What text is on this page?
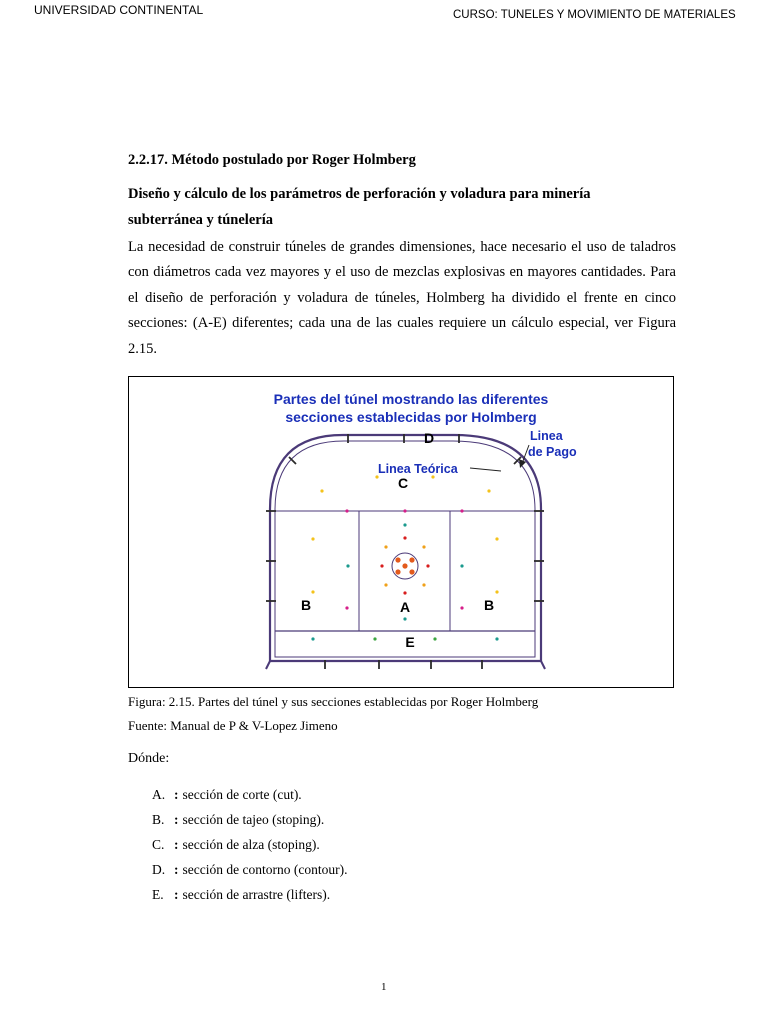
UNIVERSIDAD CONTINENTAL	CURSO: TUNELES Y MOVIMIENTO DE MATERIALES
2.2.17. Método postulado por Roger Holmberg

Diseño y cálculo de los parámetros de perforación y voladura para minería
subterránea y túnelería

La necesidad de construir túneles de grandes dimensiones, hace necesario el uso de taladros con diámetros cada vez mayores y el uso de mezclas explosivas en mayores cantidades. Para el diseño de perforación y voladura de túneles, Holmberg ha dividido el frente en cinco secciones: (A-E) diferentes; cada una de las cuales requiere un cálculo especial, ver Figura 2.15.

Partes del túnel mostrando las diferentes
secciones establecidas por Holmberg
D
C
B	A	B
E
Linea Teórica
Linea
de Pago
Figura: 2.15. Partes del túnel y sus secciones establecidas por Roger Holmberg
Fuente: Manual de P & V-Lopez Jimeno
Dónde:
A. : sección de corte (cut).
B. : sección de tajeo (stoping).
C. : sección de alza (stoping).
D. : sección de contorno (contour).
E. : sección de arrastre (lifters).
1
